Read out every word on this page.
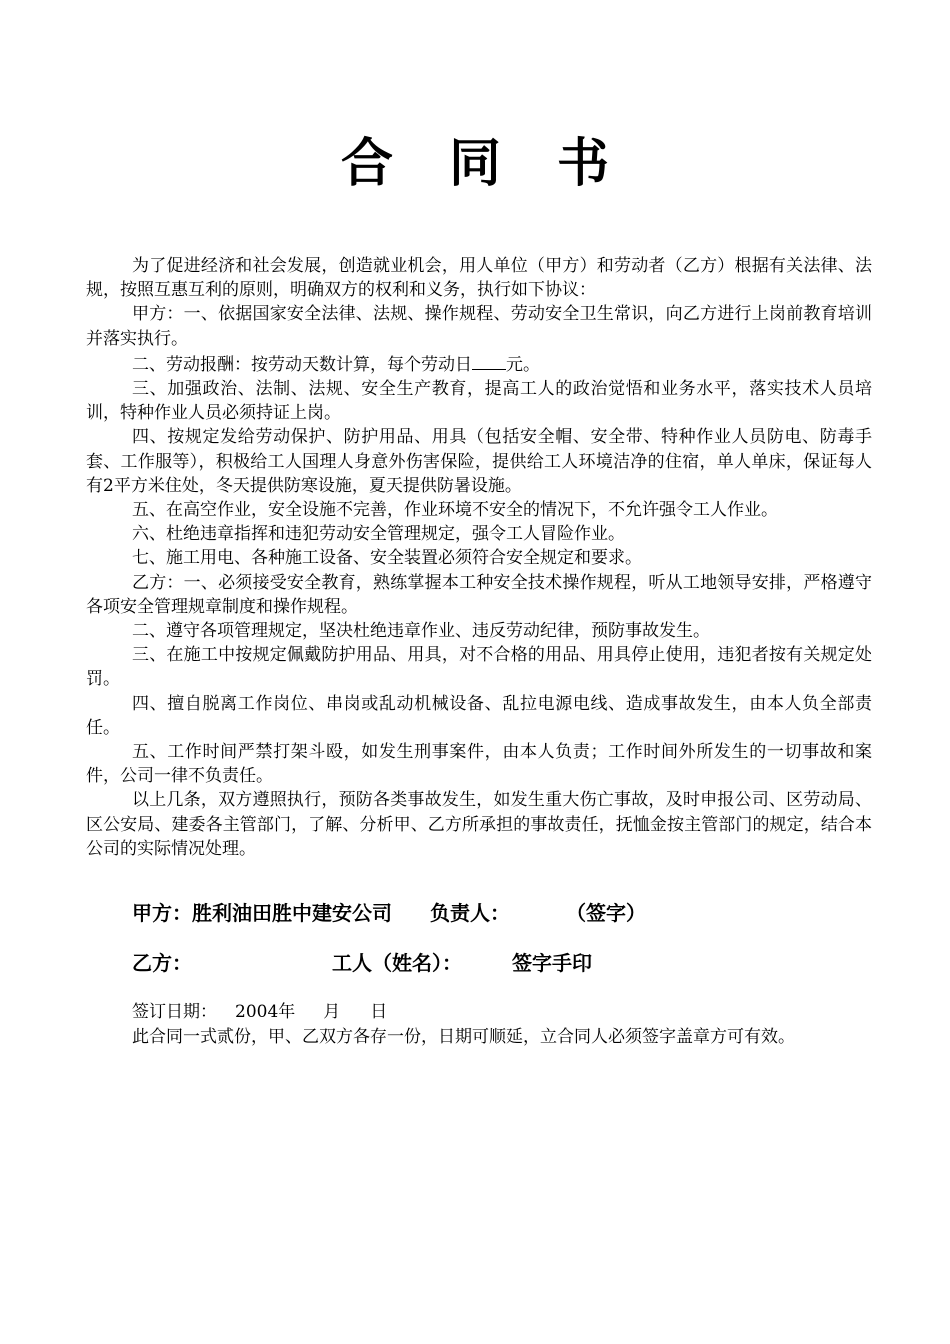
合同书

为了促进经济和社会发展，创造就业机会，用人单位（甲方）和劳动者（乙方）根据有关法律、法规，按照互惠互利的原则，明确双方的权利和义务，执行如下协议：

甲方：一、依据国家安全法律、法规、操作规程、劳动安全卫生常识，向乙方进行上岗前教育培训并落实执行。

二、劳动报酬：按劳动天数计算，每个劳动日 元。

三、加强政治、法制、法规、安全生产教育，提高工人的政治觉悟和业务水平，落实技术人员培训，特种作业人员必须持证上岗。

四、按规定发给劳动保护、防护用品、用具（包括安全帽、安全带、特种作业人员防电、防毒手套、工作服等），积极给工人国理人身意外伤害保险，提供给工人环境洁净的住宿，单人单床，保证每人有2平方米住处，冬天提供防寒设施，夏天提供防暑设施。

五、在高空作业，安全设施不完善，作业环境不安全的情况下，不允许强令工人作业。

六、杜绝违章指挥和违犯劳动安全管理规定，强令工人冒险作业。

七、施工用电、各种施工设备、安全装置必须符合安全规定和要求。

乙方：一、必须接受安全教育，熟练掌握本工种安全技术操作规程，听从工地领导安排，严格遵守各项安全管理规章制度和操作规程。

二、遵守各项管理规定，坚决杜绝违章作业、违反劳动纪律，预防事故发生。

三、在施工中按规定佩戴防护用品、用具，对不合格的用品、用具停止使用，违犯者按有关规定处罚。

四、擅自脱离工作岗位、串岗或乱动机械设备、乱拉电源电线、造成事故发生，由本人负全部责任。

五、工作时间严禁打架斗殴，如发生刑事案件，由本人负责；工作时间外所发生的一切事故和案件，公司一律不负责任。

以上几条，双方遵照执行，预防各类事故发生，如发生重大伤亡事故，及时申报公司、区劳动局、区公安局、建委各主管部门，了解、分析甲、乙方所承担的事故责任，抚恤金按主管部门的规定，结合本公司的实际情况处理。

甲方：胜利油田胜中建安公司 负责人：	（签字）
乙方：	工人（姓名）：	签字手印
签订日期： 2004年 月 日
此合同一式贰份，甲、乙双方各存一份，日期可顺延，立合同人必须签字盖章方可有效。
